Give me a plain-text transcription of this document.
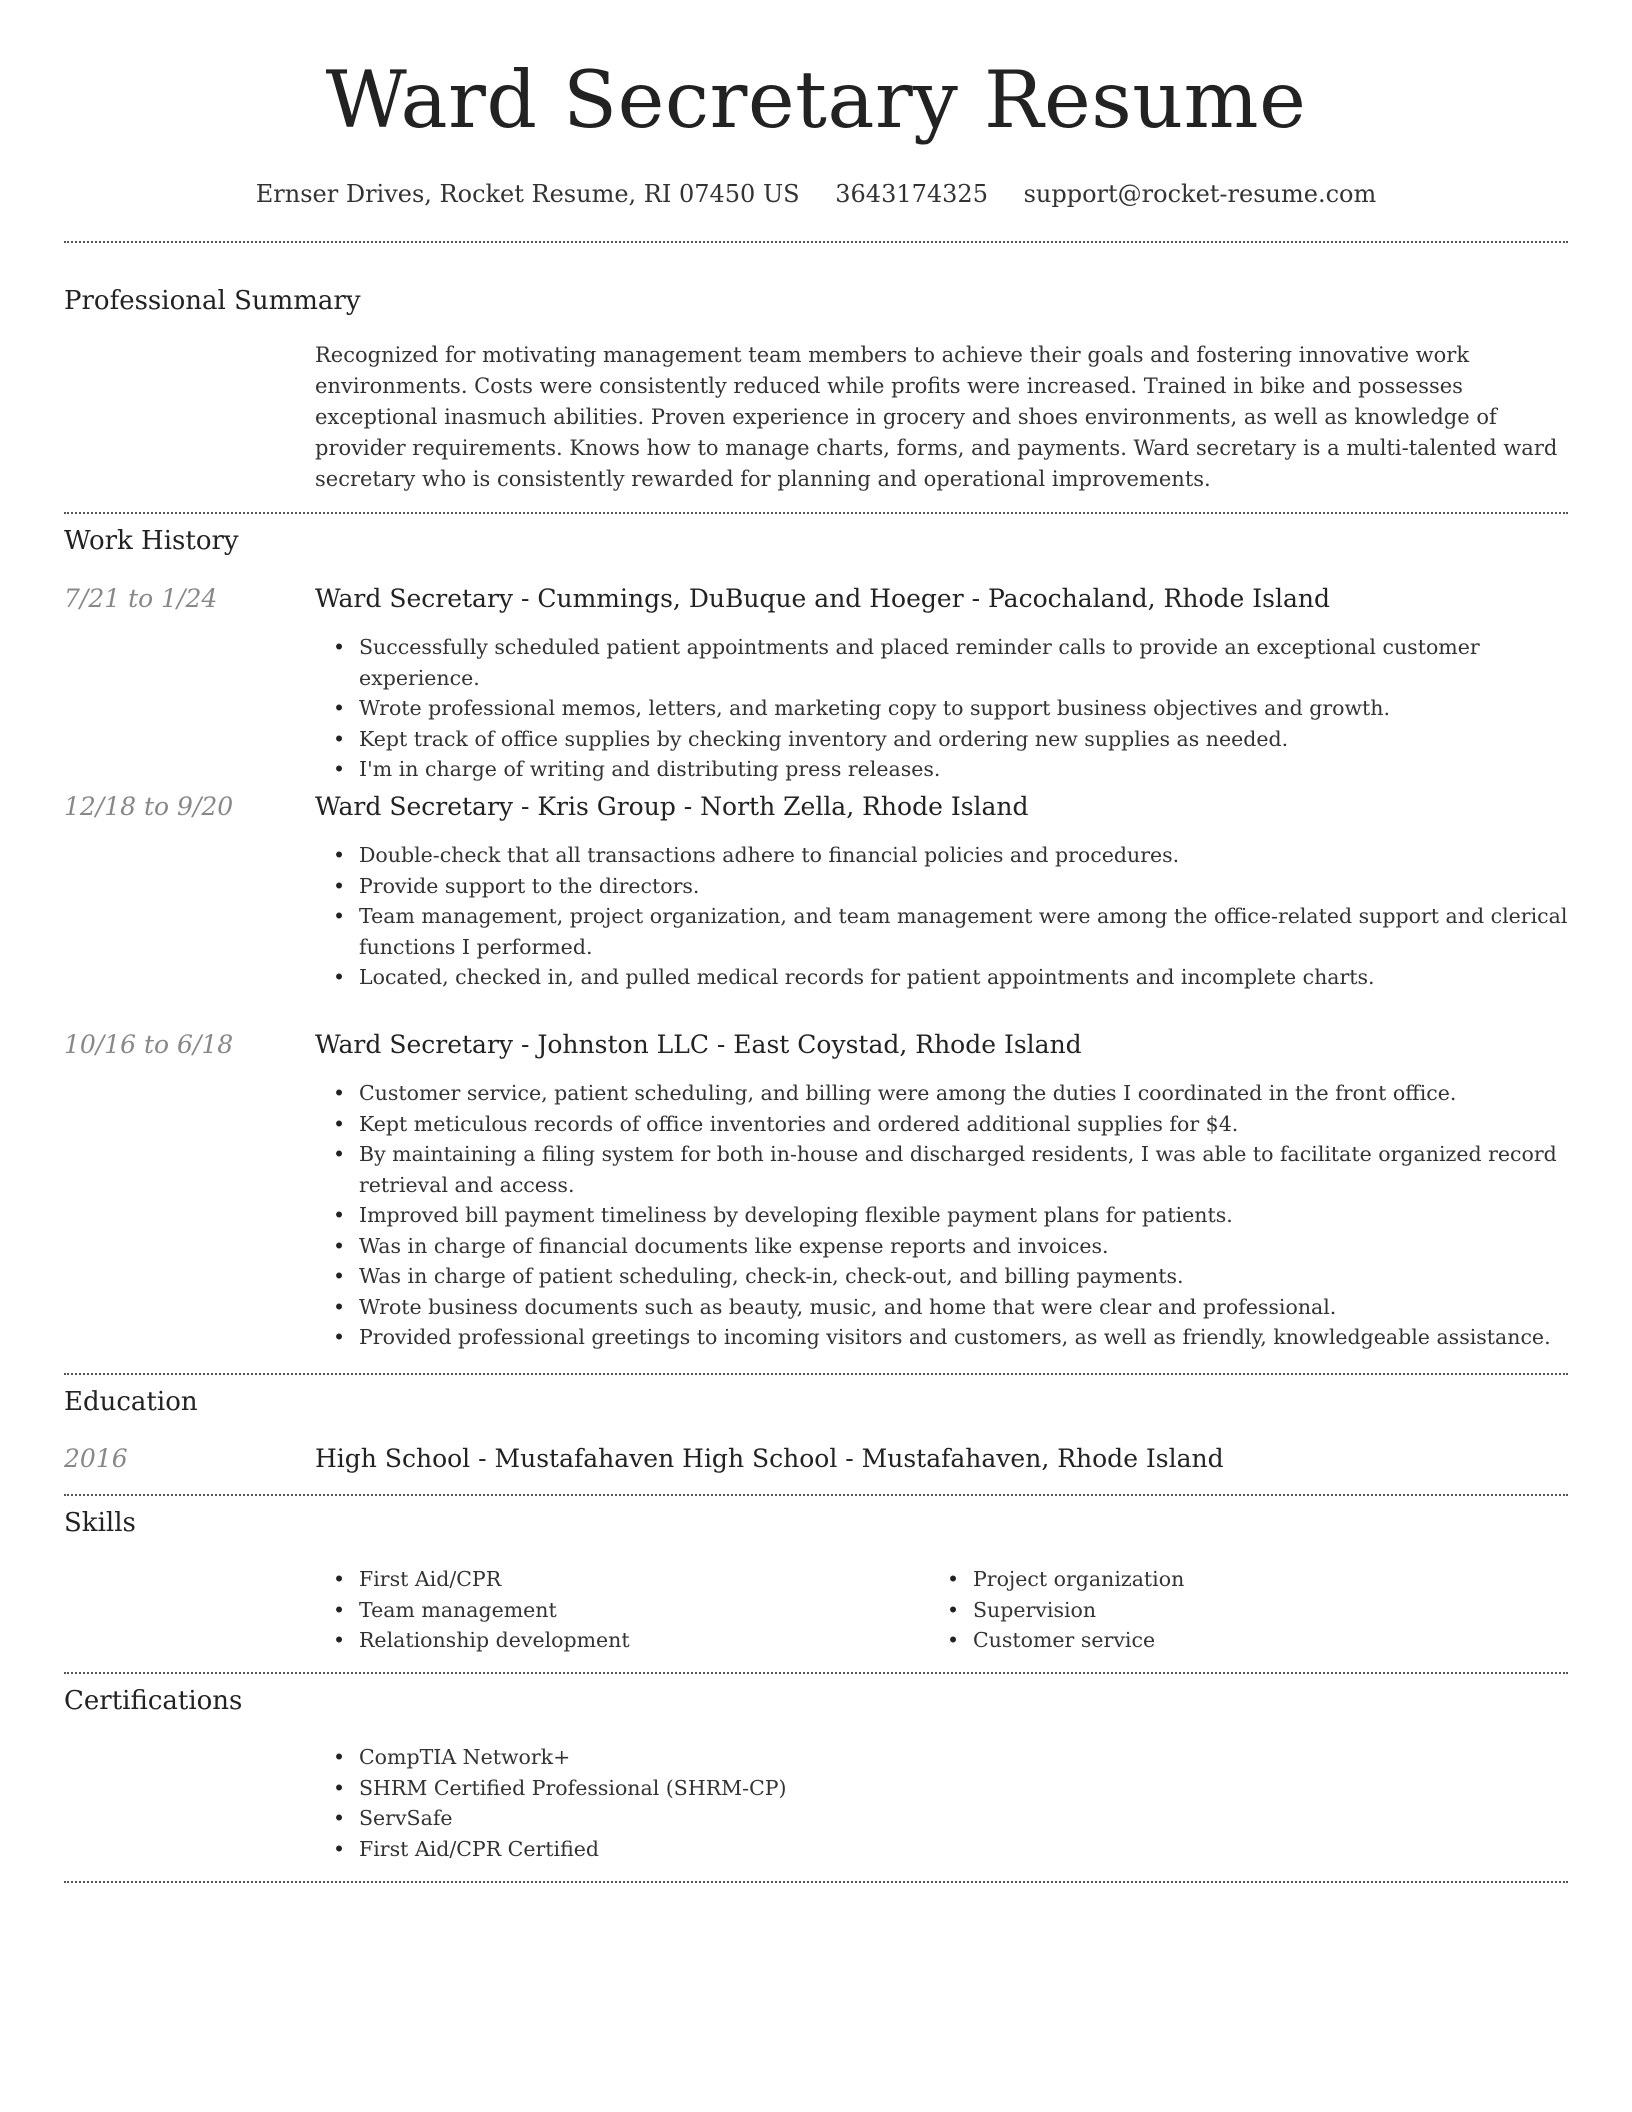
Ward Secretary Resume
Ernser Drives, Rocket Resume, RI 07450 US 3643174325 support@rocket-resume.com
Professional Summary
Recognized for motivating management team members to achieve their goals and fostering innovative work environments. Costs were consistently reduced while profits were increased. Trained in bike and possesses exceptional inasmuch abilities. Proven experience in grocery and shoes environments, as well as knowledge of provider requirements. Knows how to manage charts, forms, and payments. Ward secretary is a multi-talented ward secretary who is consistently rewarded for planning and operational improvements.
Work History
7/21 to 1/24	Ward Secretary - Cummings, DuBuque and Hoeger - Pacochaland, Rhode Island
• Successfully scheduled patient appointments and placed reminder calls to provide an exceptional customer experience.
• Wrote professional memos, letters, and marketing copy to support business objectives and growth.
• Kept track of office supplies by checking inventory and ordering new supplies as needed.
• I'm in charge of writing and distributing press releases.
12/18 to 9/20	Ward Secretary - Kris Group - North Zella, Rhode Island
• Double-check that all transactions adhere to financial policies and procedures.
• Provide support to the directors.
• Team management, project organization, and team management were among the office-related support and clerical functions I performed.
• Located, checked in, and pulled medical records for patient appointments and incomplete charts.
10/16 to 6/18	Ward Secretary - Johnston LLC - East Coystad, Rhode Island
• Customer service, patient scheduling, and billing were among the duties I coordinated in the front office.
• Kept meticulous records of office inventories and ordered additional supplies for $4.
• By maintaining a filing system for both in-house and discharged residents, I was able to facilitate organized record retrieval and access.
• Improved bill payment timeliness by developing flexible payment plans for patients.
• Was in charge of financial documents like expense reports and invoices.
• Was in charge of patient scheduling, check-in, check-out, and billing payments.
• Wrote business documents such as beauty, music, and home that were clear and professional.
• Provided professional greetings to incoming visitors and customers, as well as friendly, knowledgeable assistance.
Education
2016	High School - Mustafahaven High School - Mustafahaven, Rhode Island
Skills
• First Aid/CPR
• Team management
• Relationship development
• Project organization
• Supervision
• Customer service
Certifications
• CompTIA Network+
• SHRM Certified Professional (SHRM-CP)
• ServSafe
• First Aid/CPR Certified
